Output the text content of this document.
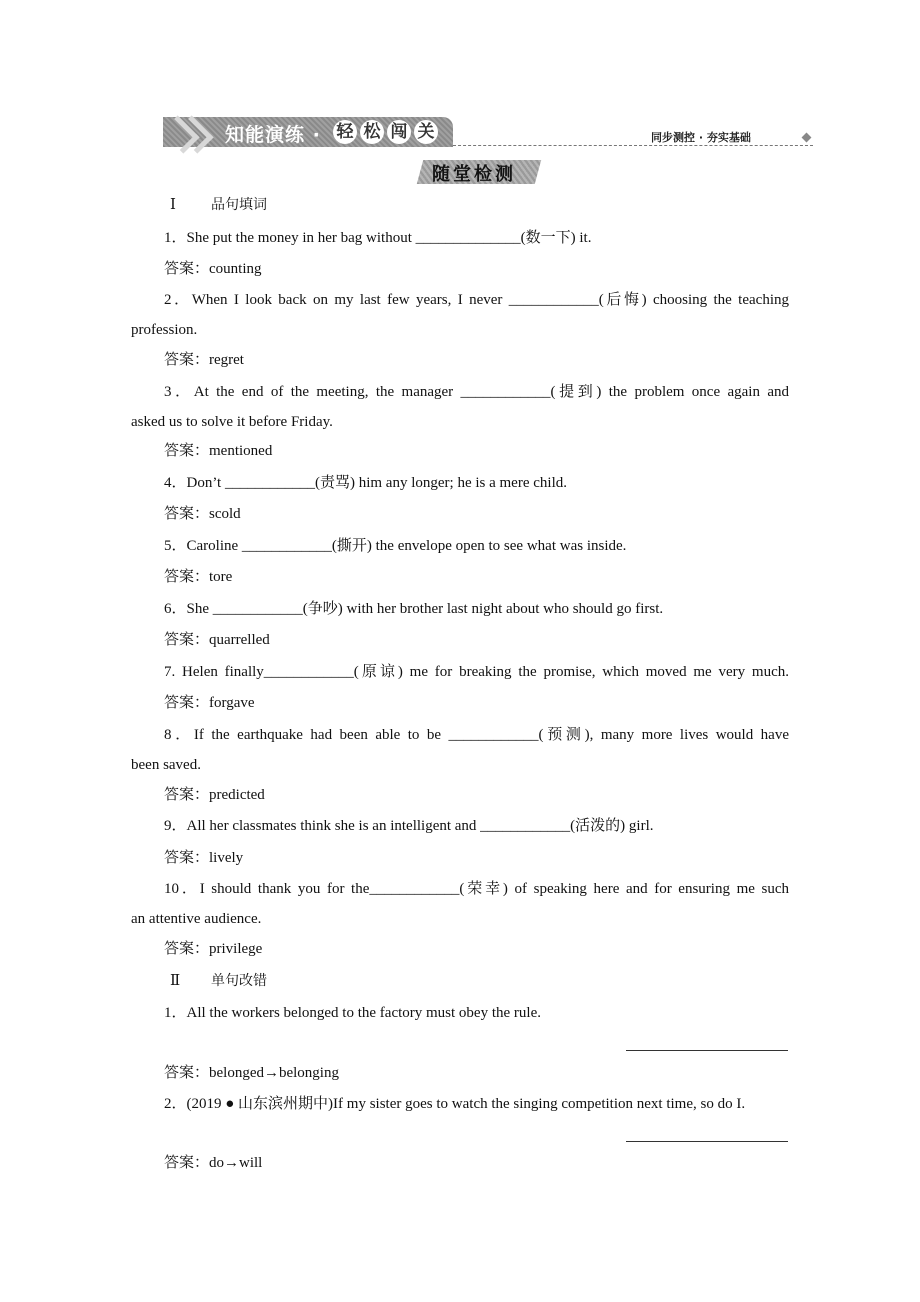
知能演练 · 轻 松 闯 关	同步测控 · 夯实基础
随堂检测
Ⅰ	品句填词
1．She put the money in her bag without ______________(数一下) it.
答案：counting
2．When I look back on my last few years, I never ____________(后悔) choosing the teaching
profession.
答案：regret
3．At the end of the meeting, the manager ____________(提到) the problem once again and
asked us to solve it before Friday.
答案：mentioned
4．Don’t ____________(责骂) him any longer; he is a mere child.
答案：scold
5．Caroline ____________(撕开) the envelope open to see what was inside.
答案：tore
6．She ____________(争吵) with her brother last night about who should go first.
答案：quarrelled
7. Helen finally____________(原谅) me for breaking the promise, which moved me very much.
答案：forgave
8．If the earthquake had been able to be ____________(预测), many more lives would have
been saved.
答案：predicted
9．All her classmates think she is an intelligent and ____________(活泼的) girl.
答案：lively
10．I should thank you for the____________(荣幸) of speaking here and for ensuring me such
an attentive audience.
答案：privilege
Ⅱ 单句改错
1．All the workers belonged to the factory must obey the rule.
答案：belonged→belonging
2．(2019 ● 山东滨州期中)If my sister goes to watch the singing competition next time, so do I.
答案：do→will
